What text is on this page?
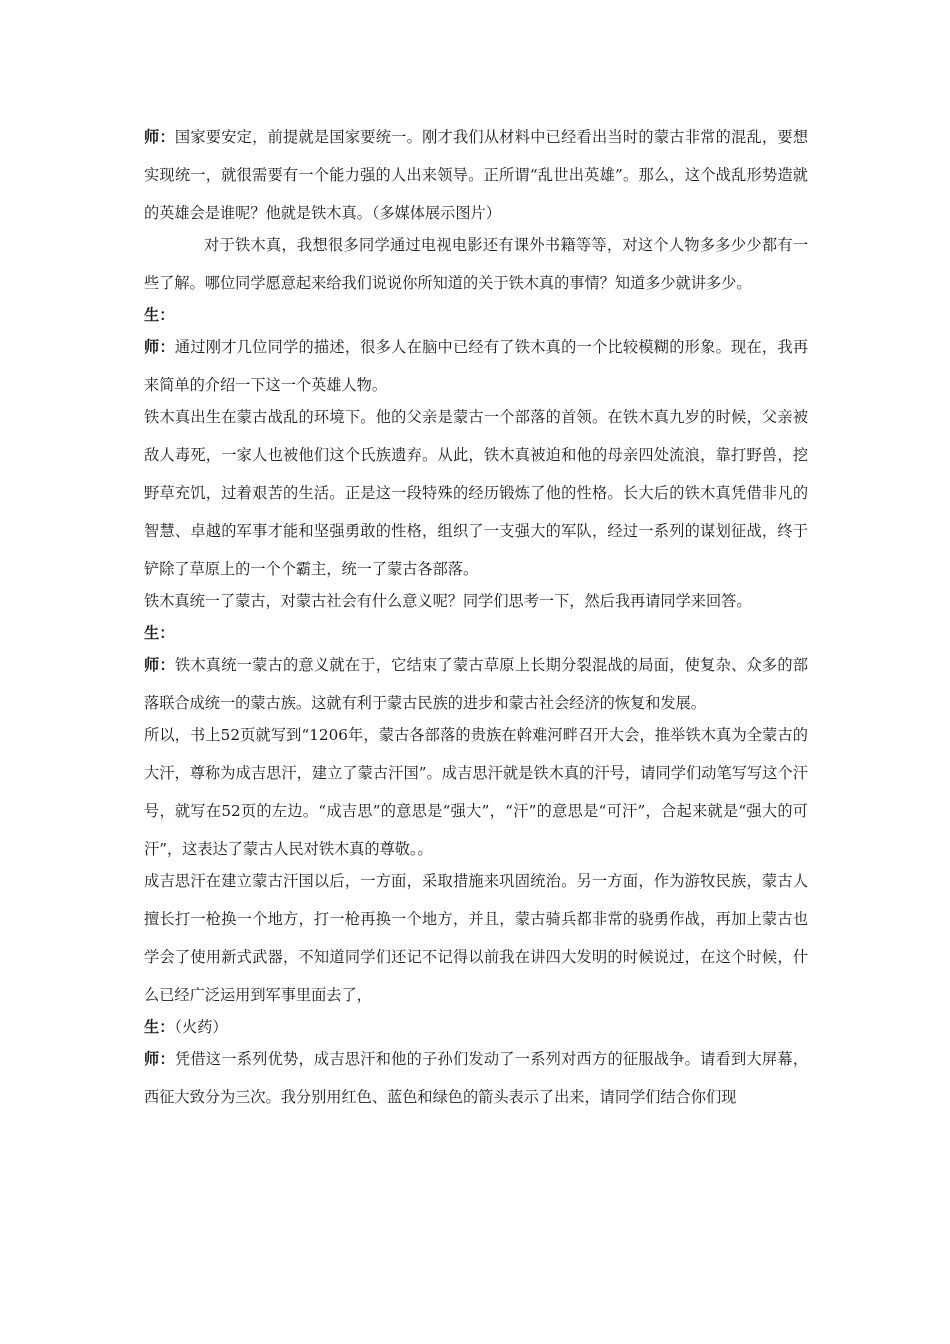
师：国家要安定，前提就是国家要统一。刚才我们从材料中已经看出当时的蒙古非常的混乱，要想实现统一，就很需要有一个能力强的人出来领导。正所谓“乱世出英雄”。那么，这个战乱形势造就的英雄会是谁呢？他就是铁木真。（多媒体展示图片）

对于铁木真，我想很多同学通过电视电影还有课外书籍等等，对这个人物多多少少都有一些了解。哪位同学愿意起来给我们说说你所知道的关于铁木真的事情？知道多少就讲多少。

生：

师：通过刚才几位同学的描述，很多人在脑中已经有了铁木真的一个比较模糊的形象。现在，我再来简单的介绍一下这一个英雄人物。

铁木真出生在蒙古战乱的环境下。他的父亲是蒙古一个部落的首领。在铁木真九岁的时候，父亲被敌人毒死，一家人也被他们这个氏族遗弃。从此，铁木真被迫和他的母亲四处流浪，靠打野兽，挖野草充饥，过着艰苦的生活。正是这一段特殊的经历锻炼了他的性格。长大后的铁木真凭借非凡的智慧、卓越的军事才能和坚强勇敢的性格，组织了一支强大的军队，经过一系列的谋划征战，终于铲除了草原上的一个个霸主，统一了蒙古各部落。

铁木真统一了蒙古，对蒙古社会有什么意义呢？同学们思考一下，然后我再请同学来回答。

生：

师：铁木真统一蒙古的意义就在于，它结束了蒙古草原上长期分裂混战的局面，使复杂、众多的部落联合成统一的蒙古族。这就有利于蒙古民族的进步和蒙古社会经济的恢复和发展。

所以，书上52页就写到“1206年，蒙古各部落的贵族在斡难河畔召开大会，推举铁木真为全蒙古的大汗，尊称为成吉思汗，建立了蒙古汗国”。成吉思汗就是铁木真的汗号，请同学们动笔写写这个汗号，就写在52页的左边。“成吉思”的意思是“强大”，“汗”的意思是“可汗”，合起来就是“强大的可汗”，这表达了蒙古人民对铁木真的尊敬。。

成吉思汗在建立蒙古汗国以后，一方面，采取措施来巩固统治。另一方面，作为游牧民族，蒙古人擅长打一枪换一个地方，打一枪再换一个地方，并且，蒙古骑兵都非常的骁勇作战，再加上蒙古也学会了使用新式武器，不知道同学们还记不记得以前我在讲四大发明的时候说过，在这个时候，什么已经广泛运用到军事里面去了，

生：（火药）

师：凭借这一系列优势，成吉思汗和他的子孙们发动了一系列对西方的征服战争。请看到大屏幕，西征大致分为三次。我分别用红色、蓝色和绿色的箭头表示了出来，请同学们结合你们现
